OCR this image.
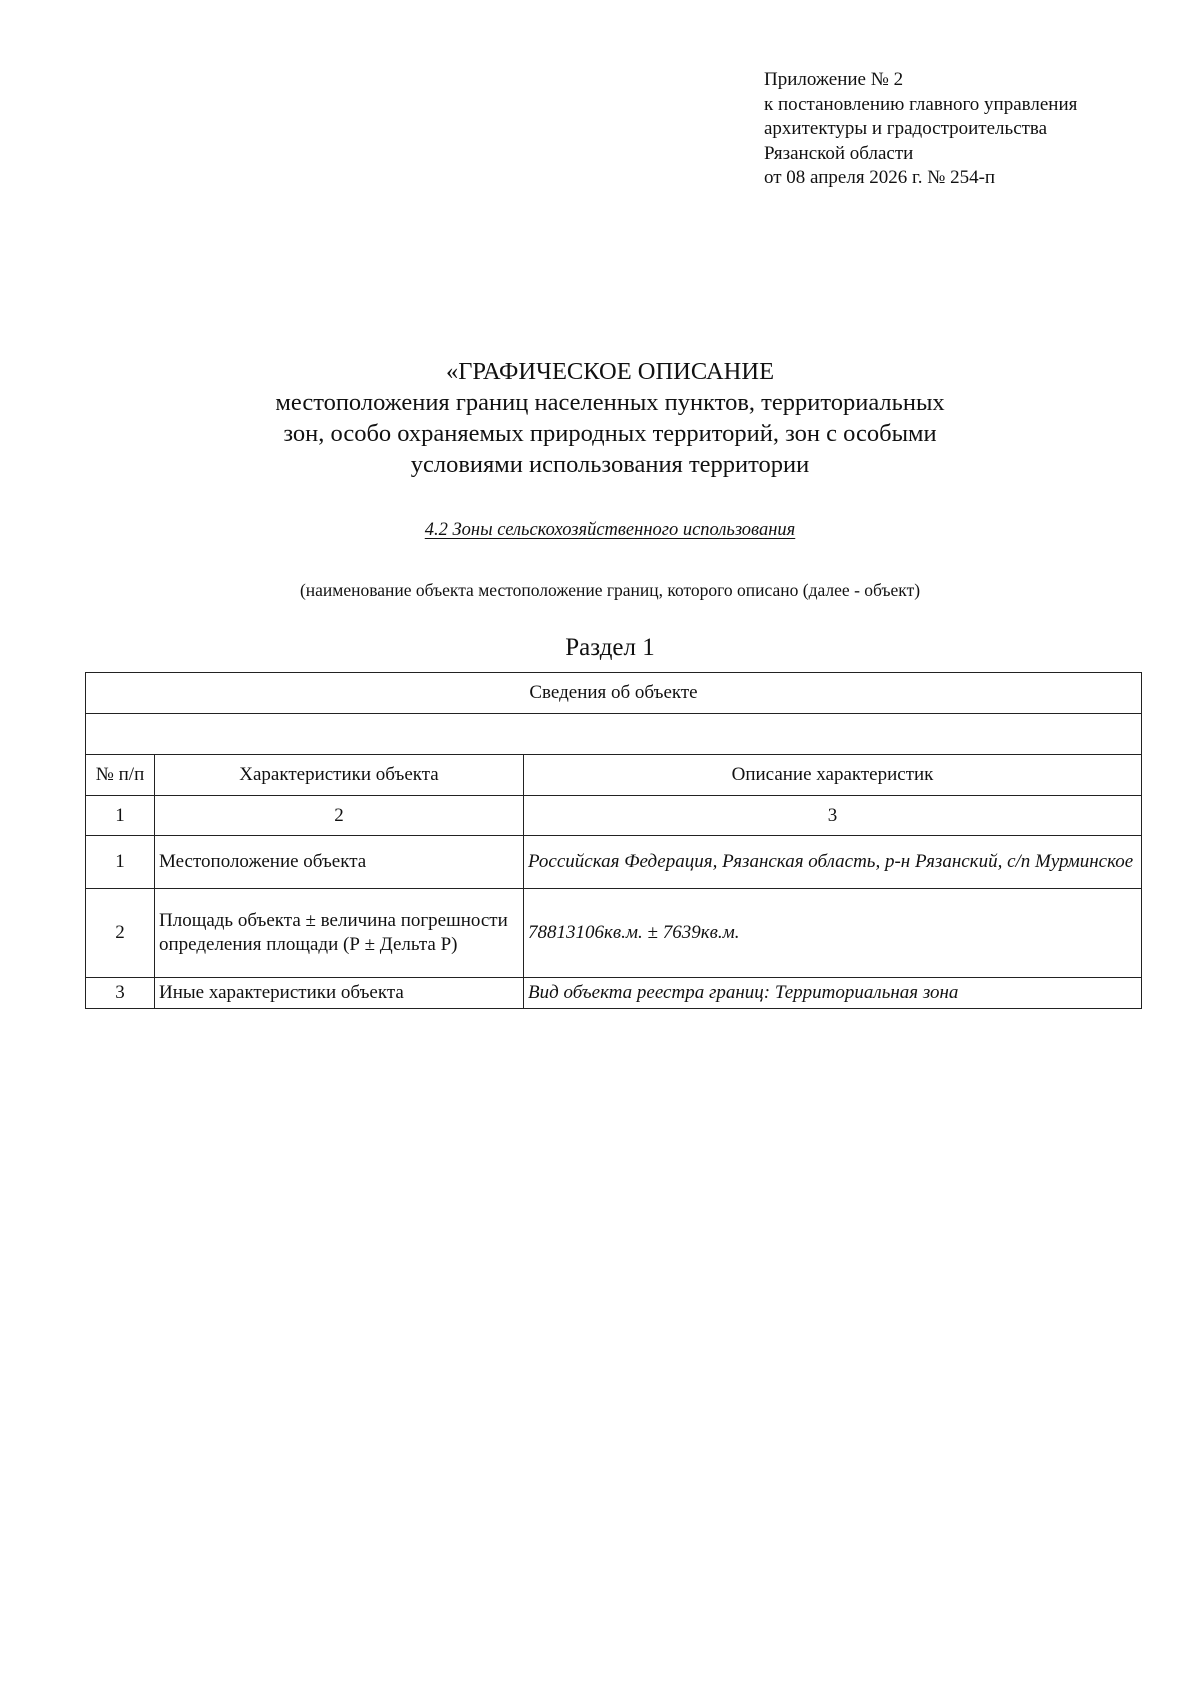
Приложение № 2
к постановлению главного управления
архитектуры и градостроительства
Рязанской области
от 08 апреля 2026 г. № 254-п
«ГРАФИЧЕСКОЕ ОПИСАНИЕ
местоположения границ населенных пунктов, территориальных
зон, особо охраняемых природных территорий, зон с особыми
условиями использования территории
4.2 Зоны сельскохозяйственного использования
(наименование объекта местоположение границ, которого описано (далее - объект)
Раздел 1
Сведения об объекте		

№ п/п	Характеристики объекта	Описание характеристик
1	2	3
1	Местоположение объекта	Российская Федерация, Рязанская область, р-н Рязанский, с/п Мурминское
2	Площадь объекта ± величина погрешности определения площади (Р ± Дельта Р)	78813106кв.м. ± 7639кв.м.
3	Иные характеристики объекта	Вид объекта реестра границ: Территориальная зона
